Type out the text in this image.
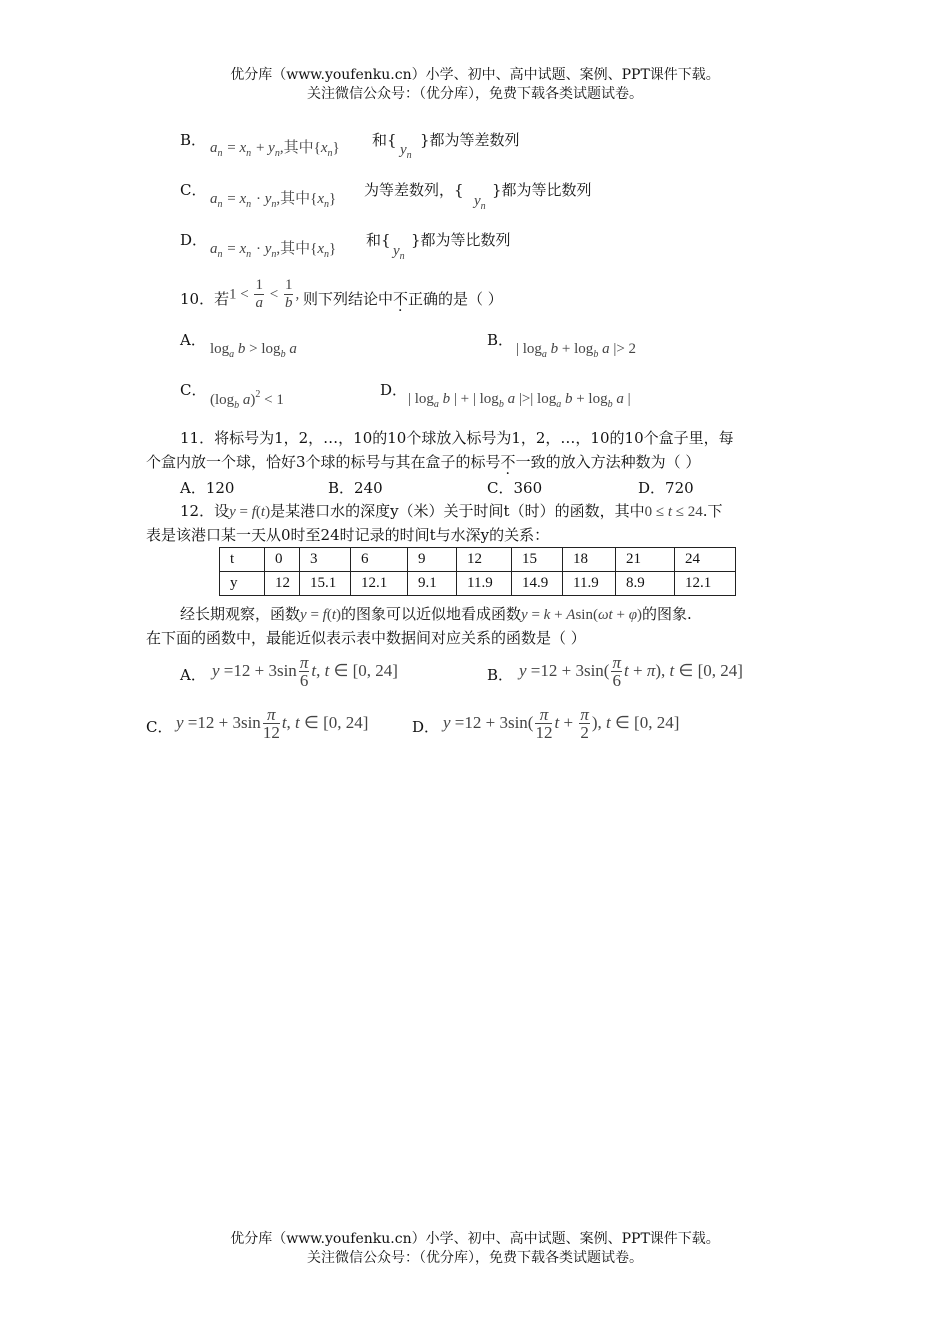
优分库（www.youfenku.cn）小学、初中、高中试题、案例、PPT课件下载。
关注微信公众号：（优分库），免费下载各类试题试卷。
B． $a_n = x_n + y_n$,其中$\{x_n\}$ 和{
$y_n$
}都为等差数列
C． $a_n = x_n \cdot y_n$,其中$\{x_n\}$ 为等差数列，{
$y_n$
}都为等比数列
D． $a_n = x_n \cdot y_n$,其中$\{x_n\}$ 和{
$y_n$
}都为等比数列
10．若 $1 < \frac{1}{a} < \frac{1}{b}$ , 则下列结论中不正确的是（ ）
A． $\log_a b > \log_b a$	B． | $\log_a b + \log_b a$ |> 2
C．
($\log_b$ a)$^2$ < 1
D． | $\log_a b$ | + | $\log_b a$ |>| $\log_a b + \log_b a$ |
11．将标号为1，2，…，10的10个球放入标号为1，2，…，10的10个盒子里，每
个盒内放一个球，恰好3个球的标号与其在盒子的标号不一致的放入方法种数为（ ）
A．120	B．240	C．360	D．720
12．设y = f(t)是某港口水的深度y（米）关于时间t（时）的函数，其中0 ≤ t ≤ 24.下
表是该港口某一天从0时至24时记录的时间t与水深y的关系：
t	0	3	6	9	12	15	18	21	24
y	12	15.1	12.1	9.1	11.9	14.9	11.9	8.9	12.1
经长期观察，函数y = f(t)的图象可以近似地看成函数y = k + Asin(ωt + φ)的图象.
在下面的函数中，最能近似表示表中数据间对应关系的函数是（ ）
A． $y =12 + 3\sin \frac{\pi}{6} t$, t ∈ [0, 24]	B． $y =12 + 3\sin( \frac{\pi}{6}$ t + π), t ∈ [0, 24]
C． $y =12 + 3\sin \frac{\pi}{12} t$, t ∈ [0, 24]	D． $y =12 + 3\sin( \frac{\pi}{12}$ $t + \frac{\pi}{2}$ ), t ∈ [0, 24]
优分库（www.youfenku.cn）小学、初中、高中试题、案例、PPT课件下载。
关注微信公众号：（优分库），免费下载各类试题试卷。
